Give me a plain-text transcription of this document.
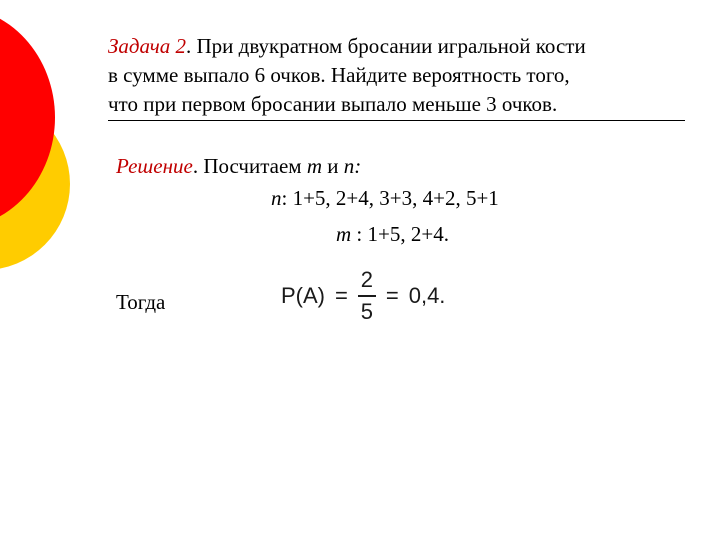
Задача 2. При двукратном бросании игральной кости
в сумме выпало 6 очков. Найдите вероятность того,
что при первом бросании выпало меньше 3 очков.
Решение. Посчитаем m и n:
n: 1+5, 2+4, 3+3, 4+2, 5+1
m : 1+5, 2+4.
Тогда	$P(A) = \frac{2}{5} = 0,4$.
